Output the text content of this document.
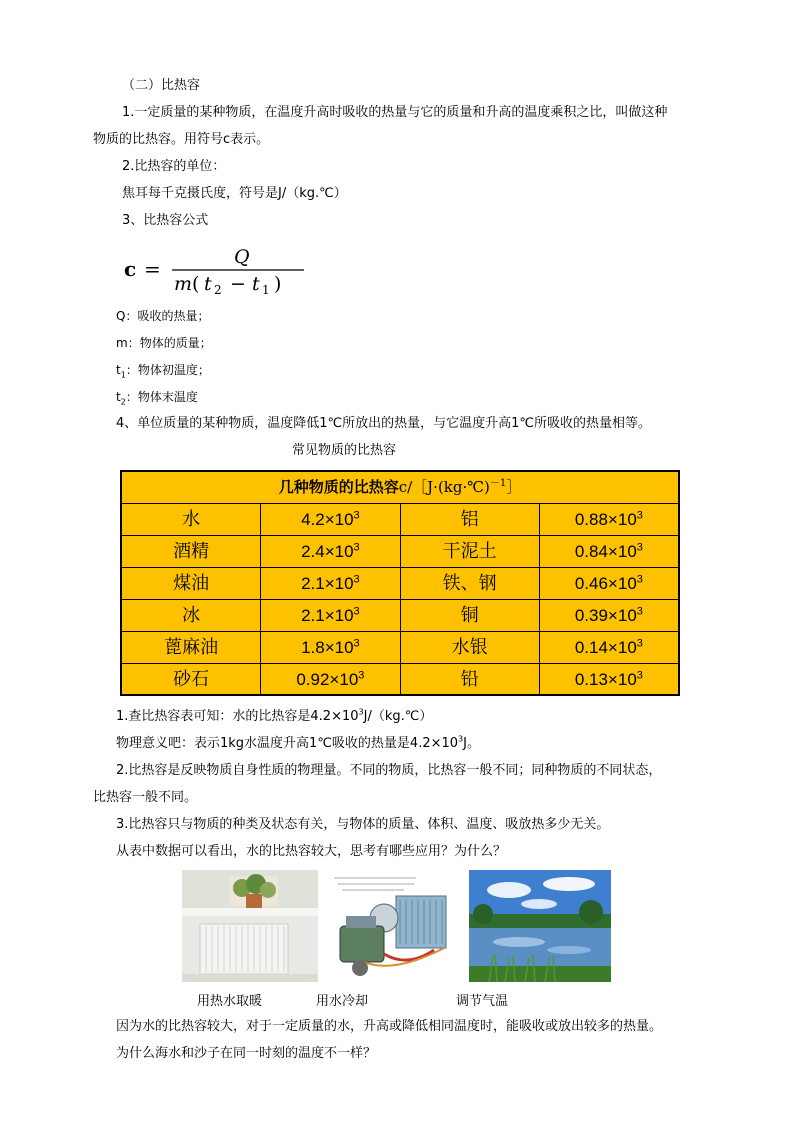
（二）比热容
1.一定质量的某种物质，在温度升高时吸收的热量与它的质量和升高的温度乘积之比，叫做这种
物质的比热容。用符号c表示。
2.比热容的单位：
焦耳每千克摄氏度，符号是J/（kg.℃）
3、比热容公式
c =	Q
m ( t 2 − t 1 )
Q：吸收的热量；
m：物体的质量；
$t_1$：物体初温度；
$t_2$：物体末温度
4、单位质量的某种物质，温度降低1℃所放出的热量，与它温度升高1℃所吸收的热量相等。
常见物质的比热容
几种物质的比热容c∕［J·(kg·℃)$^{-1}$］
水	$4.2\times 10^3$	铝	$0.88\times 10^3$
酒精	$2.4\times 10^3$	干泥土	$0.84\times 10^3$
煤油	$2.1\times 10^3$	铁、钢	$0.46\times 10^3$
冰	$2.1\times 10^3$	铜	$0.39\times 10^3$
蓖麻油	$1.8\times 10^3$	水银	$0.14\times 10^3$
砂石	$0.92\times 10^3$	铅	$0.13\times 10^3$
1.查比热容表可知：水的比热容是$4.2\times 10^3J/(kg.℃)$
物理意义吧：表示1kg水温度升高1℃吸收的热量是$4.2\times 10^3J$。
2.比热容是反映物质自身性质的物理量。不同的物质，比热容一般不同；同种物质的不同状态，
比热容一般不同。
3.比热容只与物质的种类及状态有关，与物体的质量、体积、温度、吸放热多少无关。
从表中数据可以看出，水的比热容较大，思考有哪些应用？为什么？
用热水取暖	用水冷却	调节气温
因为水的比热容较大，对于一定质量的水，升高或降低相同温度时，能吸收或放出较多的热量。
为什么海水和沙子在同一时刻的温度不一样？
